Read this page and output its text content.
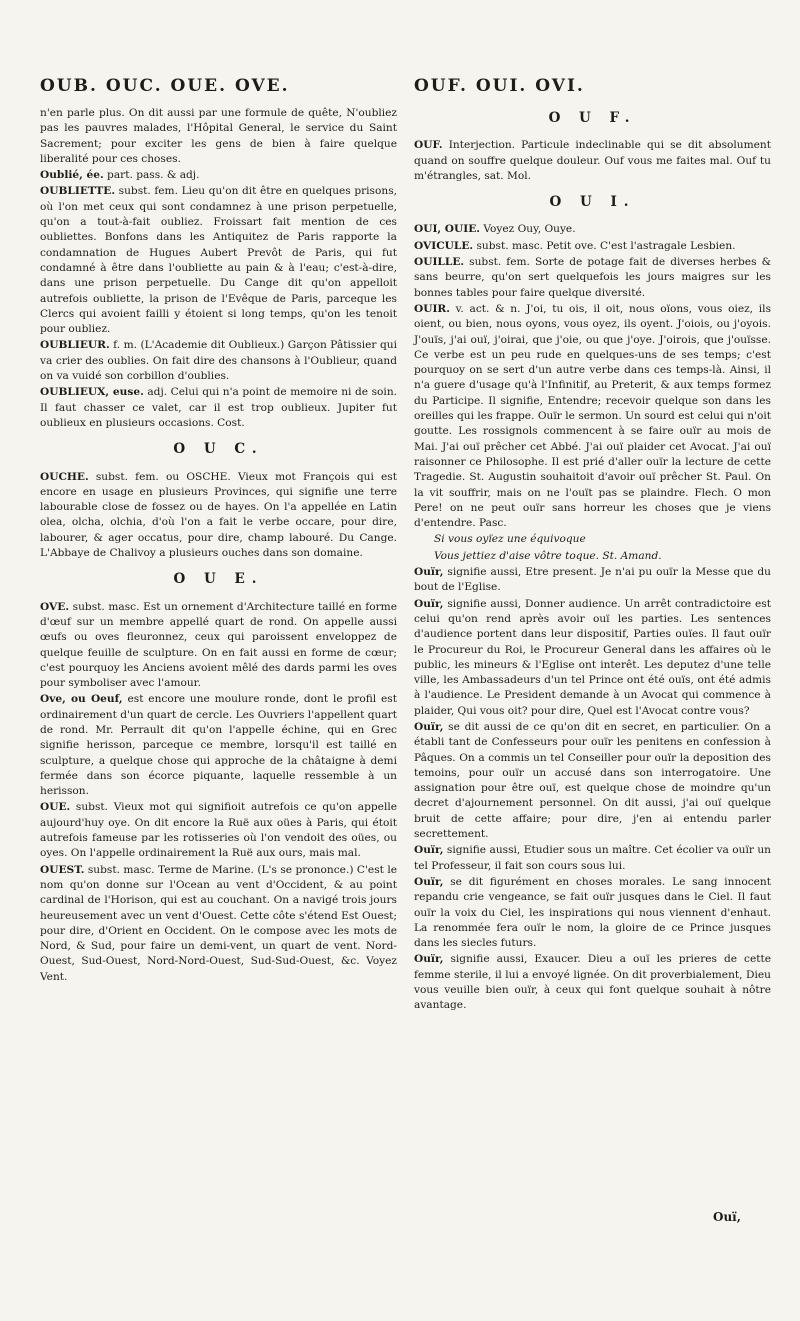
OUB. OUC. OUE. OVE.	OUF. OUI. OVI.

n'en parle plus. On dit aussi par une formule de quête, N'oubliez pas les pauvres malades, l'Hôpital General, le service du Saint Sacrement; pour exciter les gens de bien à faire quelque liberalité pour ces choses.

Oublié, ée. part. pass. & adj.

OUBLIETTE. subst. fem. Lieu qu'on dit être en quelques prisons, où l'on met ceux qui sont condamnez à une prison perpetuelle, qu'on a tout-à-fait oubliez. Froissart fait mention de ces oubliettes. Bonfons dans les Antiquitez de Paris rapporte la condamnation de Hugues Aubert Prevôt de Paris, qui fut condamné à être dans l'oubliette au pain & à l'eau; c'est-à-dire, dans une prison perpetuelle. Du Cange dit qu'on appelloit autrefois oubliette, la prison de l'Evêque de Paris, parceque les Clercs qui avoient failli y étoient si long temps, qu'on les tenoit pour oubliez.

OUBLIEUR. f. m. (L'Academie dit Oublieux.) Garçon Pâtissier qui va crier des oublies. On fait dire des chansons à l'Oublieur, quand on va vuidé son corbillon d'oublies.

OUBLIEUX, euse. adj. Celui qui n'a point de memoire ni de soin. Il faut chasser ce valet, car il est trop oublieux. Jupiter fut oublieux en plusieurs occasions. Cost.

O U C.

OUCHE. subst. fem. ou OSCHE. Vieux mot François qui est encore en usage en plusieurs Provinces, qui signifie une terre labourable close de fossez ou de hayes. On l'a appellée en Latin olea, olcha, olchia, d'où l'on a fait le verbe occare, pour dire, labourer, & ager occatus, pour dire, champ labouré. Du Cange. L'Abbaye de Chalivoy a plusieurs ouches dans son domaine.

O U E.

OVE. subst. masc. Est un ornement d'Architecture taillé en forme d'œuf sur un membre appellé quart de rond. On appelle aussi œufs ou oves fleuronnez, ceux qui paroissent enveloppez de quelque feuille de sculpture. On en fait aussi en forme de cœur; c'est pourquoy les Anciens avoient mêlé des dards parmi les oves pour symboliser avec l'amour.

Ove, ou Oeuf, est encore une moulure ronde, dont le profil est ordinairement d'un quart de cercle. Les Ouvriers l'appellent quart de rond. Mr. Perrault dit qu'on l'appelle échine, qui en Grec signifie herisson, parceque ce membre, lorsqu'il est taillé en sculpture, a quelque chose qui approche de la châtaigne à demi fermée dans son écorce piquante, laquelle ressemble à un herisson.

OUE. subst. Vieux mot qui signifioit autrefois ce qu'on appelle aujourd'huy oye. On dit encore la Ruë aux oües à Paris, qui étoit autrefois fameuse par les rotisseries où l'on vendoit des oües, ou oyes. On l'appelle ordinairement la Ruë aux ours, mais mal.

OUEST. subst. masc. Terme de Marine. (L's se prononce.) C'est le nom qu'on donne sur l'Ocean au vent d'Occident, & au point cardinal de l'Horison, qui est au couchant. On a navigé trois jours heureusement avec un vent d'Ouest. Cette côte s'étend Est Ouest; pour dire, d'Orient en Occident. On le compose avec les mots de Nord, & Sud, pour faire un demi-vent, un quart de vent. Nord-Ouest, Sud-Ouest, Nord-Nord-Ouest, Sud-Sud-Ouest, &c. Voyez Vent.

O U F.

OUF. Interjection. Particule indeclinable qui se dit absolument quand on souffre quelque douleur. Ouf vous me faites mal. Ouf tu m'étrangles, sat. Mol.

O U I.

OUI, OUIE. Voyez Ouy, Ouye.

OVICULE. subst. masc. Petit ove. C'est l'astragale Lesbien.

OUILLE. subst. fem. Sorte de potage fait de diverses herbes & sans beurre, qu'on sert quelquefois les jours maigres sur les bonnes tables pour faire quelque diversité.

OUIR. v. act. & n. J'oi, tu ois, il oit, nous oïons, vous oiez, ils oient, ou bien, nous oyons, vous oyez, ils oyent. J'oiois, ou j'oyois. J'ouïs, j'ai ouï, j'oirai, que j'oie, ou que j'oye. J'oirois, que j'ouïsse. Ce verbe est un peu rude en quelques-uns de ses temps; c'est pourquoy on se sert d'un autre verbe dans ces temps-là. Ainsi, il n'a guere d'usage qu'à l'Infinitif, au Preterit, & aux temps formez du Participe. Il signifie, Entendre; recevoir quelque son dans les oreilles qui les frappe. Ouïr le sermon. Un sourd est celui qui n'oit goutte. Les rossignols commencent à se faire ouïr au mois de Mai. J'ai ouï prêcher cet Abbé. J'ai ouï plaider cet Avocat. J'ai ouï raisonner ce Philosophe. Il est prié d'aller ouïr la lecture de cette Tragedie. St. Augustin souhaitoit d'avoir ouï prêcher St. Paul. On la vit souffrir, mais on ne l'ouït pas se plaindre. Flech. O mon Pere! on ne peut ouïr sans horreur les choses que je viens d'entendre. Pasc.

Si vous oyïez une équivoque

Vous jettiez d'aise vôtre toque. St. Amand.

Ouïr, signifie aussi, Etre present. Je n'ai pu ouïr la Messe que du bout de l'Eglise.

Ouïr, signifie aussi, Donner audience. Un arrêt contradictoire est celui qu'on rend après avoir ouï les parties. Les sentences d'audience portent dans leur dispositif, Parties ouïes. Il faut ouïr le Procureur du Roi, le Procureur General dans les affaires où le public, les mineurs & l'Eglise ont interêt. Les deputez d'une telle ville, les Ambassadeurs d'un tel Prince ont été ouïs, ont été admis à l'audience. Le President demande à un Avocat qui commence à plaider, Qui vous oit? pour dire, Quel est l'Avocat contre vous?

Ouïr, se dit aussi de ce qu'on dit en secret, en particulier. On a établi tant de Confesseurs pour ouïr les penitens en confession à Pâques. On a commis un tel Conseiller pour ouïr la deposition des temoins, pour ouïr un accusé dans son interrogatoire. Une assignation pour être ouï, est quelque chose de moindre qu'un decret d'ajournement personnel. On dit aussi, j'ai ouï quelque bruit de cette affaire; pour dire, j'en ai entendu parler secrettement.

Ouïr, signifie aussi, Etudier sous un maître. Cet écolier va ouïr un tel Professeur, il fait son cours sous lui.

Ouïr, se dit figurément en choses morales. Le sang innocent repandu crie vengeance, se fait ouïr jusques dans le Ciel. Il faut ouïr la voix du Ciel, les inspirations qui nous viennent d'enhaut. La renommée fera ouïr le nom, la gloire de ce Prince jusques dans les siecles futurs.

Ouïr, signifie aussi, Exaucer. Dieu a ouï les prieres de cette femme sterile, il lui a envoyé lignée. On dit proverbialement, Dieu vous veuille bien ouïr, à ceux qui font quelque souhait à nôtre avantage.

Ouï,
